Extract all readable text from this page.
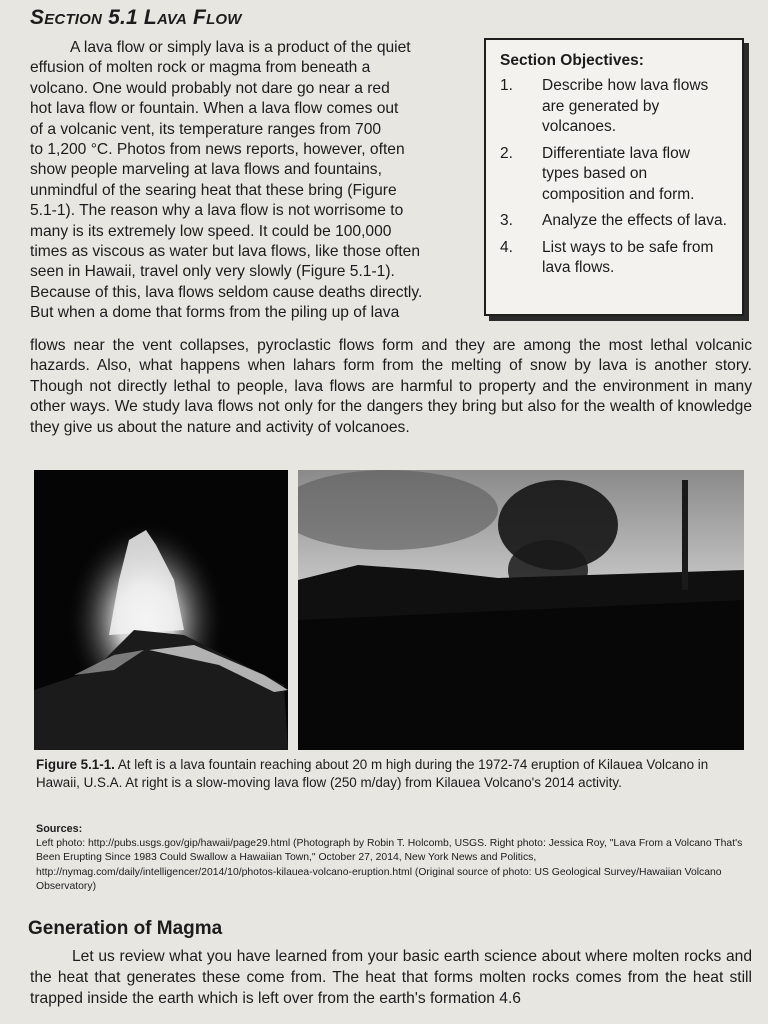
Section 5.1 Lava Flow
A lava flow or simply lava is a product of the quiet
effusion of molten rock or magma from beneath a
volcano. One would probably not dare go near a red
hot lava flow or fountain. When a lava flow comes out
of a volcanic vent, its temperature ranges from 700
to 1,200 °C. Photos from news reports, however, often
show people marveling at lava flows and fountains,
unmindful of the searing heat that these bring (Figure
5.1-1). The reason why a lava flow is not worrisome to
many is its extremely low speed. It could be 100,000
times as viscous as water but lava flows, like those often
seen in Hawaii, travel only very slowly (Figure 5.1-1).
Because of this, lava flows seldom cause deaths directly.
But when a dome that forms from the piling up of lava
Section Objectives:
1.	Describe how lava flows are generated by volcanoes.
2.	Differentiate lava flow types based on composition and form.
3.	Analyze the effects of lava.
4.	List ways to be safe from lava flows.

flows near the vent collapses, pyroclastic flows form and they are among the most lethal volcanic hazards. Also, what happens when lahars form from the melting of snow by lava is another story. Though not directly lethal to people, lava flows are harmful to property and the environment in many other ways. We study lava flows not only for the dangers they bring but also for the wealth of knowledge they give us about the nature and activity of volcanoes.

Figure 5.1-1. At left is a lava fountain reaching about 20 m high during the 1972-74 eruption of Kilauea Volcano in Hawaii, U.S.A. At right is a slow-moving lava flow (250 m/day) from Kilauea Volcano's 2014 activity.

Sources:
Left photo: http://pubs.usgs.gov/gip/hawaii/page29.html (Photograph by Robin T. Holcomb, USGS. Right photo: Jessica Roy, "Lava From a Volcano That's Been Erupting Since 1983 Could Swallow a Hawaiian Town," October 27, 2014, New York News and Politics, http://nymag.com/daily/intelligencer/2014/10/photos-kilauea-volcano-eruption.html (Original source of photo: US Geological Survey/Hawaiian Volcano Observatory)

Generation of Magma

Let us review what you have learned from your basic earth science about where molten rocks and the heat that generates these come from. The heat that forms molten rocks comes from the heat still trapped inside the earth which is left over from the earth's formation 4.6
